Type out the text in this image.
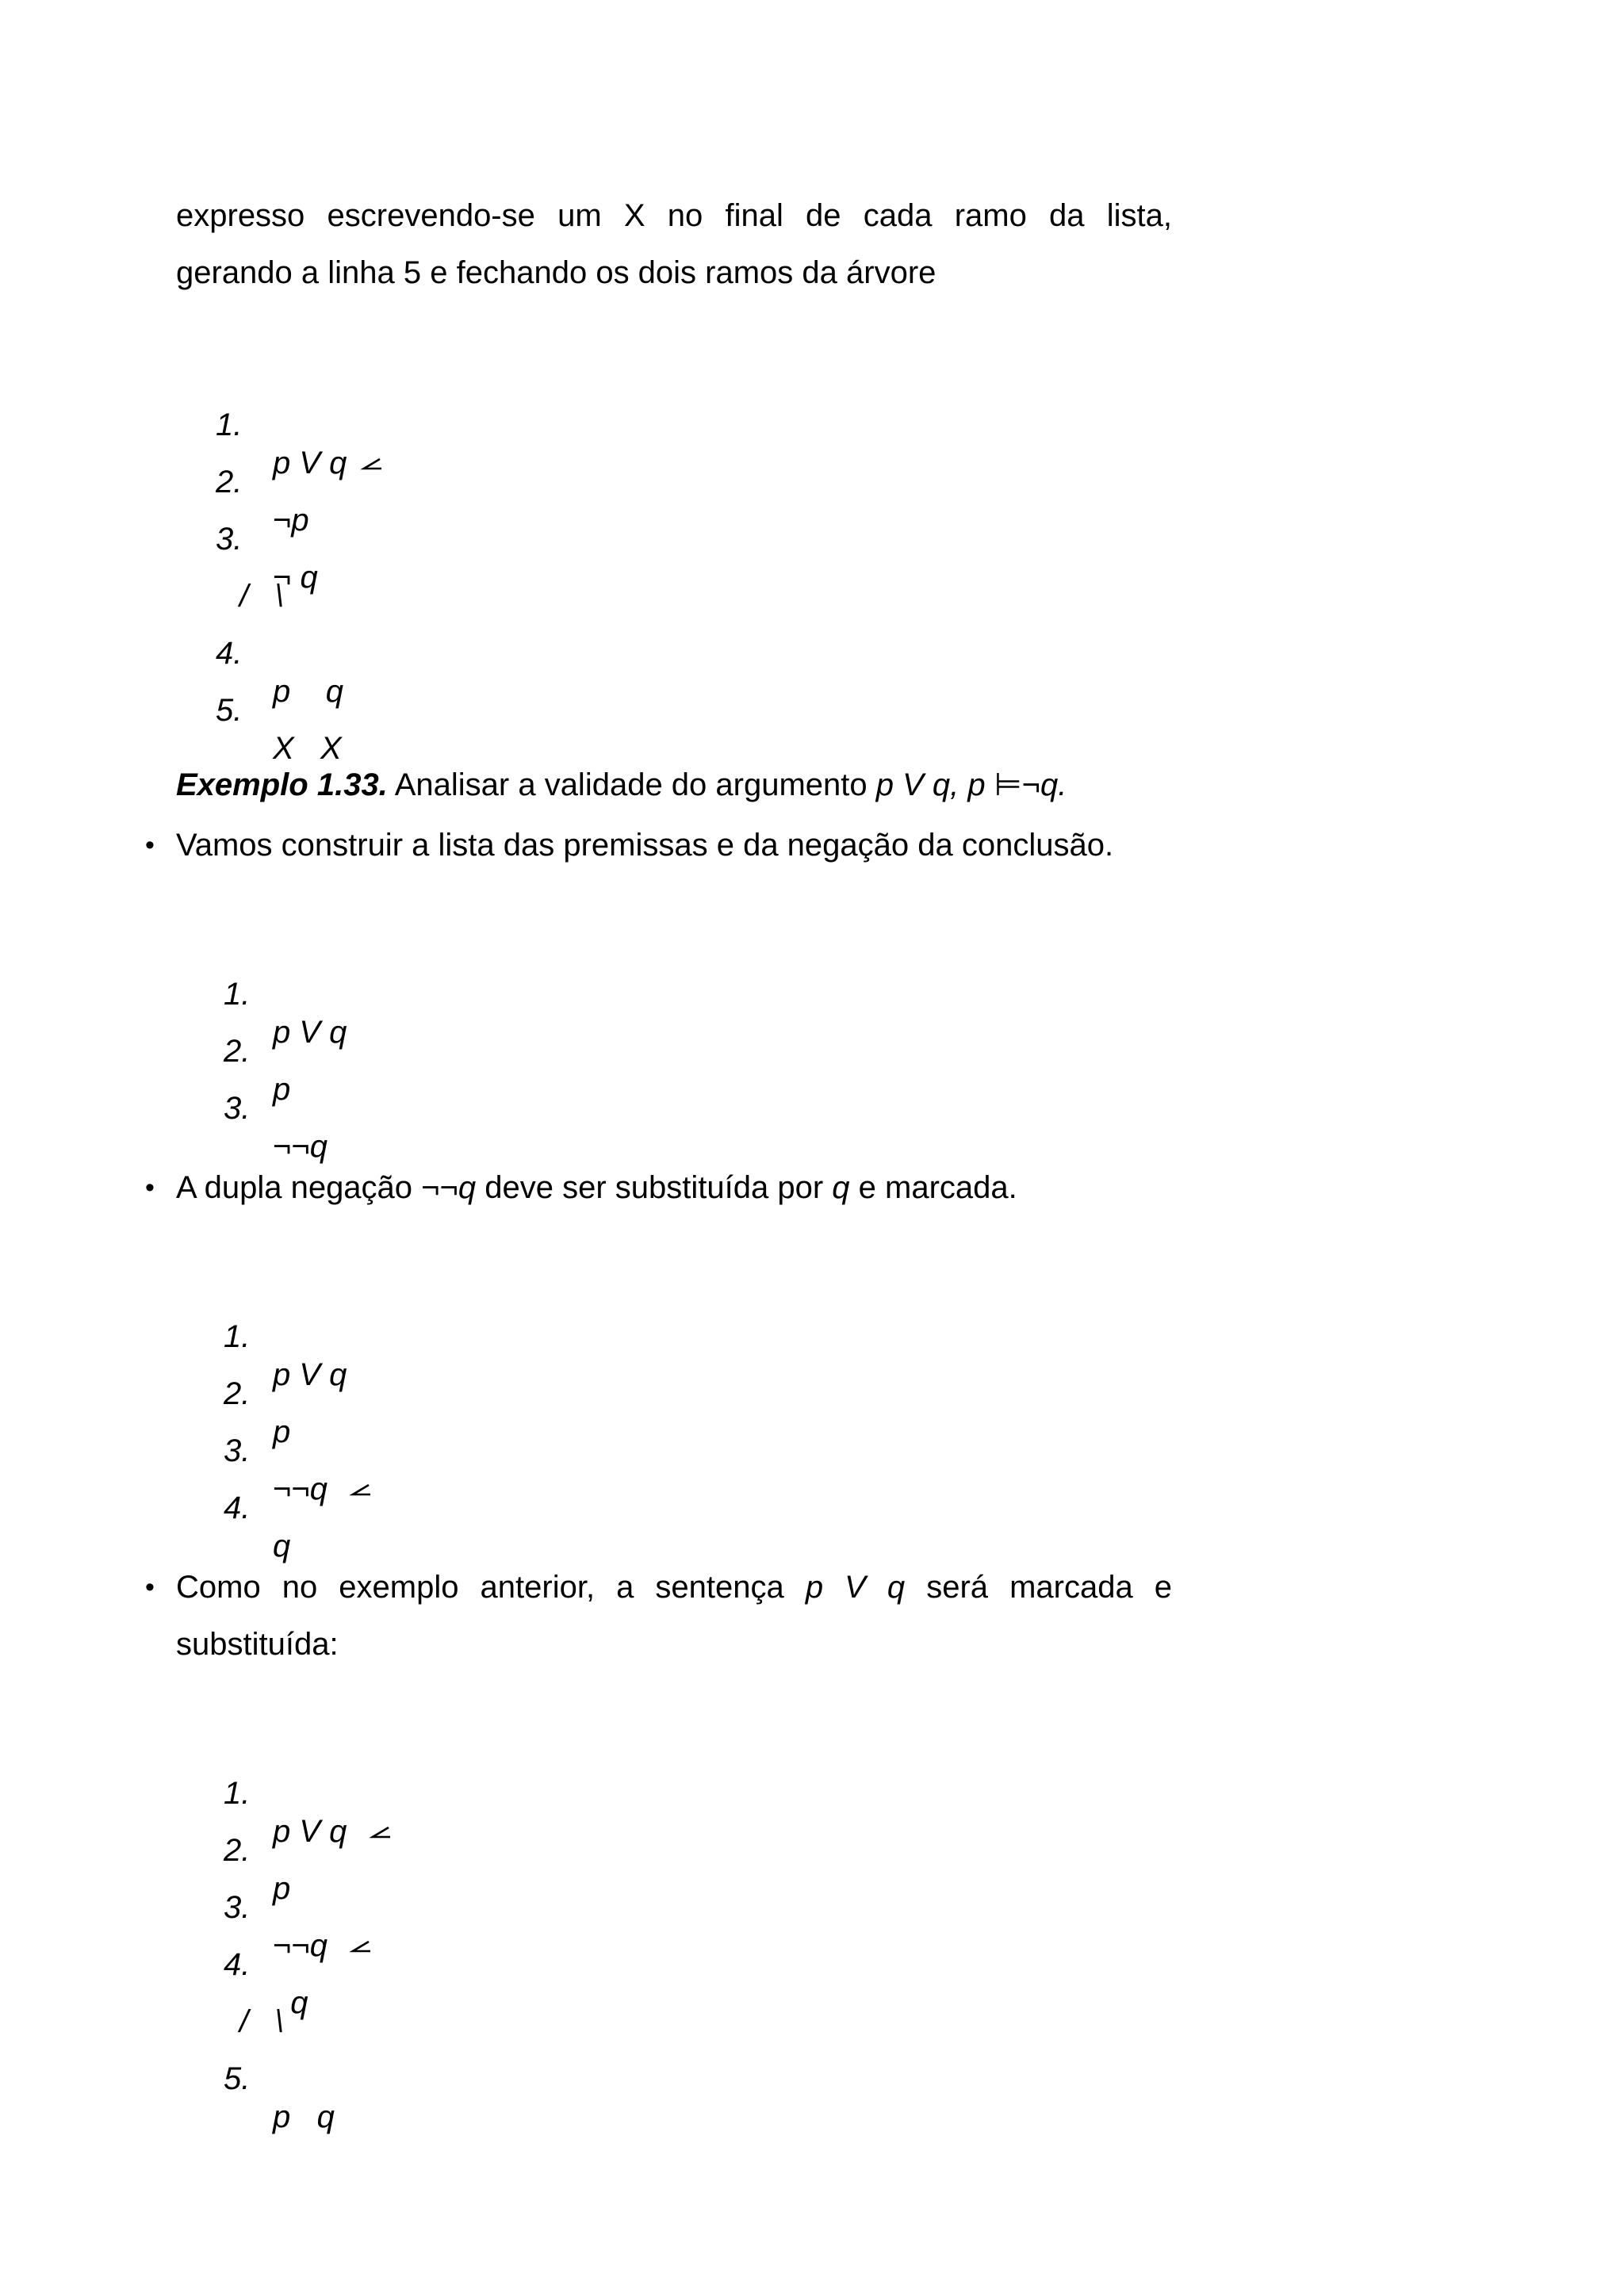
expresso escrevendo-se um X no final de cada ramo da lista,
gerando a linha 5 e fechando os dois ramos da árvore

1.

p V q

2.

¬p

3.

¬ q

/   \

4.

p    q

5.

X   X

Exemplo 1.33. Analisar a validade do argumento p V q, p ⊨¬q.
• Vamos construir a lista das premissas e da negação da conclusão.

1.

p V q

2.

p

3.

¬¬q

• A dupla negação ¬¬q deve ser substituída por q e marcada.

1.

p V q

2.

p

3.

¬¬q

4.

q

• Como no exemplo anterior, a sentença p V q será marcada e
substituída:

1.

p V q

2.

p

3.

¬¬q

4.

q

/   \

5.

p   q
